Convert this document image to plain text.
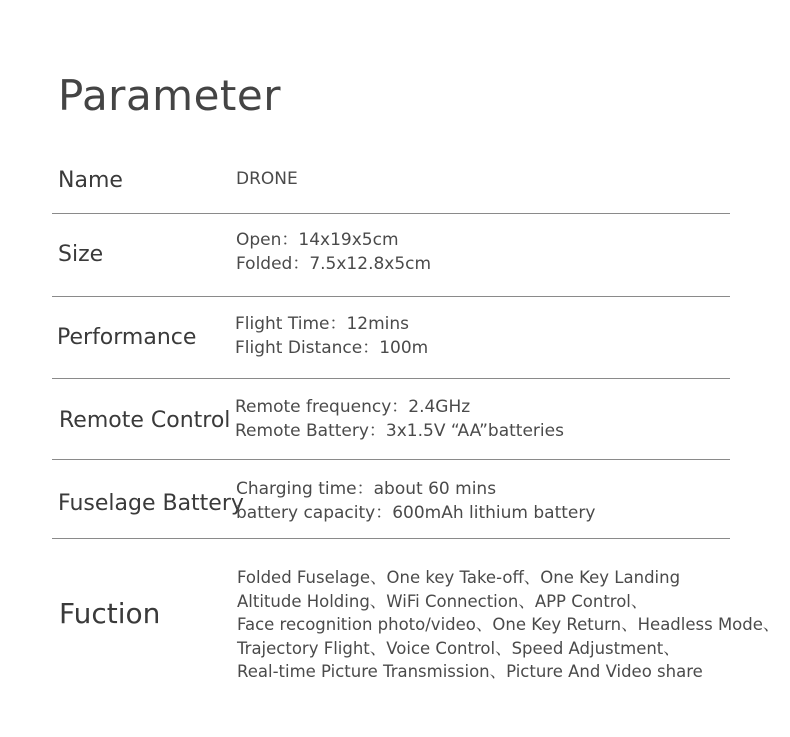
Parameter
Name	DRONE
Size
Open：14x19x5cm
Folded：7.5x12.8x5cm
Performance
Flight Time：12mins
Flight Distance：100m
Remote Control
Remote frequency：2.4GHz
Remote Battery：3x1.5V “AA”batteries
Fuselage Battery
Charging time：about 60 mins
battery capacity：600mAh lithium battery
Fuction
Folded Fuselage、One key Take-off、One Key Landing
Altitude Holding、WiFi Connection、APP Control、
Face recognition photo/video、One Key Return、Headless Mode、
Trajectory Flight、Voice Control、Speed Adjustment、
Real-time Picture Transmission、Picture And Video share
